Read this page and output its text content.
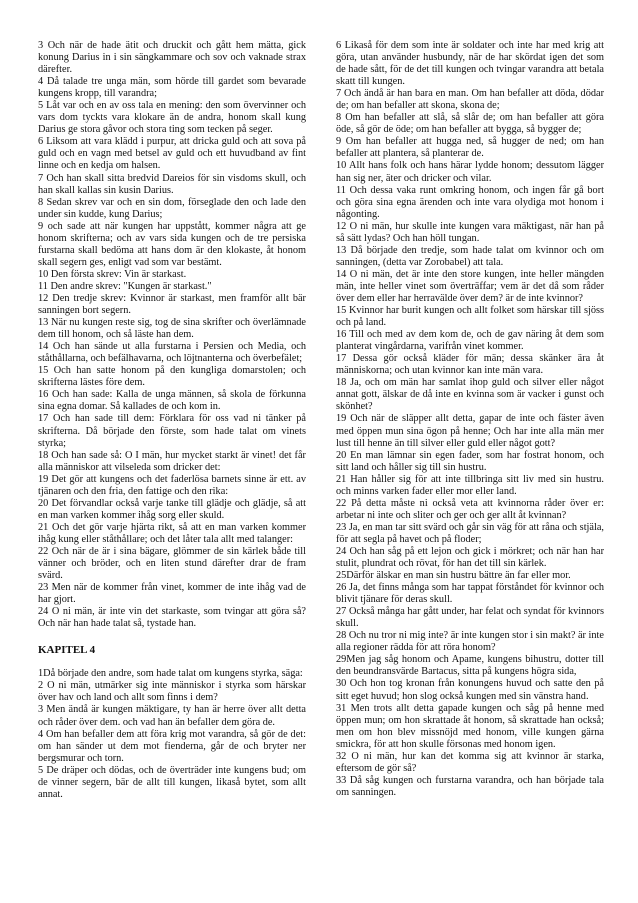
3 Och när de hade ätit och druckit och gått hem mätta, gick konung Darius in i sin sängkammare och sov och vaknade strax därefter.

4 Då talade tre unga män, som hörde till gardet som bevarade kungens kropp, till varandra;

5 Låt var och en av oss tala en mening: den som övervinner och vars dom tyckts vara klokare än de andra, honom skall kung Darius ge stora gåvor och stora ting som tecken på seger.

6 Liksom att vara klädd i purpur, att dricka guld och att sova på guld och en vagn med betsel av guld och ett huvudband av fint linne och en kedja om halsen.

7 Och han skall sitta bredvid Dareios för sin visdoms skull, och han skall kallas sin kusin Darius.

8 Sedan skrev var och en sin dom, förseglade den och lade den under sin kudde, kung Darius;

9 och sade att när kungen har uppstått, kommer några att ge honom skrifterna; och av vars sida kungen och de tre persiska furstarna skall bedöma att hans dom är den klokaste, åt honom skall segern ges, enligt vad som var bestämt.

10 Den första skrev: Vin är starkast.

11 Den andre skrev: "Kungen är starkast."

12 Den tredje skrev: Kvinnor är starkast, men framför allt bär sanningen bort segern.

13 När nu kungen reste sig, tog de sina skrifter och överlämnade dem till honom, och så läste han dem.

14 Och han sände ut alla furstarna i Persien och Media, och ståthållarna, och befälhavarna, och löjtnanterna och överbefälet;

15 Och han satte honom på den kungliga domarstolen; och skrifterna lästes före dem.

16 Och han sade: Kalla de unga männen, så skola de förkunna sina egna domar. Så kallades de och kom in.

17 Och han sade till dem: Förklara för oss vad ni tänker på skrifterna. Då började den förste, som hade talat om vinets styrka;

18 Och han sade så: O I män, hur mycket starkt är vinet! det får alla människor att vilseleda som dricker det:

19 Det gör att kungens och det faderlösa barnets sinne är ett. av tjänaren och den fria, den fattige och den rika:

20 Det förvandlar också varje tanke till glädje och glädje, så att en man varken kommer ihåg sorg eller skuld.

21 Och det gör varje hjärta rikt, så att en man varken kommer ihåg kung eller ståthållare; och det låter tala allt med talanger:

22 Och när de är i sina bägare, glömmer de sin kärlek både till vänner och bröder, och en liten stund därefter drar de fram svärd.

23 Men när de kommer från vinet, kommer de inte ihåg vad de har gjort.

24 O ni män, är inte vin det starkaste, som tvingar att göra så? Och när han hade talat så, tystade han.

KAPITEL 4

1Då började den andre, som hade talat om kungens styrka, säga:

2 O ni män, utmärker sig inte människor i styrka som härskar över hav och land och allt som finns i dem?

3 Men ändå är kungen mäktigare, ty han är herre över allt detta och råder över dem. och vad han än befaller dem göra de.

4 Om han befaller dem att föra krig mot varandra, så gör de det: om han sänder ut dem mot fienderna, går de och bryter ner bergsmurar och torn.

5 De dräper och dödas, och de överträder inte kungens bud; om de vinner segern, bär de allt till kungen, likaså bytet, som allt annat.

6 Likaså för dem som inte är soldater och inte har med krig att göra, utan använder husbundy, när de har skördat igen det som de hade sått, för de det till kungen och tvingar varandra att betala skatt till kungen.

7 Och ändå är han bara en man. Om han befaller att döda, dödar de; om han befaller att skona, skona de;

8 Om han befaller att slå, så slår de; om han befaller att göra öde, så gör de öde; om han befaller att bygga, så bygger de;

9 Om han befaller att hugga ned, så hugger de ned; om han befaller att plantera, så planterar de.

10 Allt hans folk och hans härar lydde honom; dessutom lägger han sig ner, äter och dricker och vilar.

11 Och dessa vaka runt omkring honom, och ingen får gå bort och göra sina egna ärenden och inte vara olydiga mot honom i någonting.

12 O ni män, hur skulle inte kungen vara mäktigast, när han på så sätt lydas? Och han höll tungan.

13 Då började den tredje, som hade talat om kvinnor och om sanningen, (detta var Zorobabel) att tala.

14 O ni män, det är inte den store kungen, inte heller mängden män, inte heller vinet som överträffar; vem är det då som råder över dem eller har herravälde över dem? är de inte kvinnor?

15 Kvinnor har burit kungen och allt folket som härskar till sjöss och på land.

16 Till och med av dem kom de, och de gav näring åt dem som planterat vingårdarna, varifrån vinet kommer.

17 Dessa gör också kläder för män; dessa skänker ära åt människorna; och utan kvinnor kan inte män vara.

18 Ja, och om män har samlat ihop guld och silver eller något annat gott, älskar de då inte en kvinna som är vacker i gunst och skönhet?

19 Och när de släpper allt detta, gapar de inte och fäster även med öppen mun sina ögon på henne; Och har inte alla män mer lust till henne än till silver eller guld eller något gott?

20 En man lämnar sin egen fader, som har fostrat honom, och sitt land och håller sig till sin hustru.

21 Han håller sig för att inte tillbringa sitt liv med sin hustru. och minns varken fader eller mor eller land.

22 På detta måste ni också veta att kvinnorna råder över er: arbetar ni inte och sliter och ger och ger allt åt kvinnan?

23 Ja, en man tar sitt svärd och går sin väg för att råna och stjäla, för att segla på havet och på floder;

24 Och han såg på ett lejon och gick i mörkret; och när han har stulit, plundrat och rövat, för han det till sin kärlek.

25Därför älskar en man sin hustru bättre än far eller mor.

26 Ja, det finns många som har tappat förståndet för kvinnor och blivit tjänare för deras skull.

27 Också många har gått under, har felat och syndat för kvinnors skull.

28 Och nu tror ni mig inte? är inte kungen stor i sin makt? är inte alla regioner rädda för att röra honom?

29Men jag såg honom och Apame, kungens bihustru, dotter till den beundransvärde Bartacus, sitta på kungens högra sida,

30 Och hon tog kronan från konungens huvud och satte den på sitt eget huvud; hon slog också kungen med sin vänstra hand.

31 Men trots allt detta gapade kungen och såg på henne med öppen mun; om hon skrattade åt honom, så skrattade han också; men om hon blev missnöjd med honom, ville kungen gärna smickra, för att hon skulle försonas med honom igen.

32 O ni män, hur kan det komma sig att kvinnor är starka, eftersom de gör så?

33 Då såg kungen och furstarna varandra, och han började tala om sanningen.
